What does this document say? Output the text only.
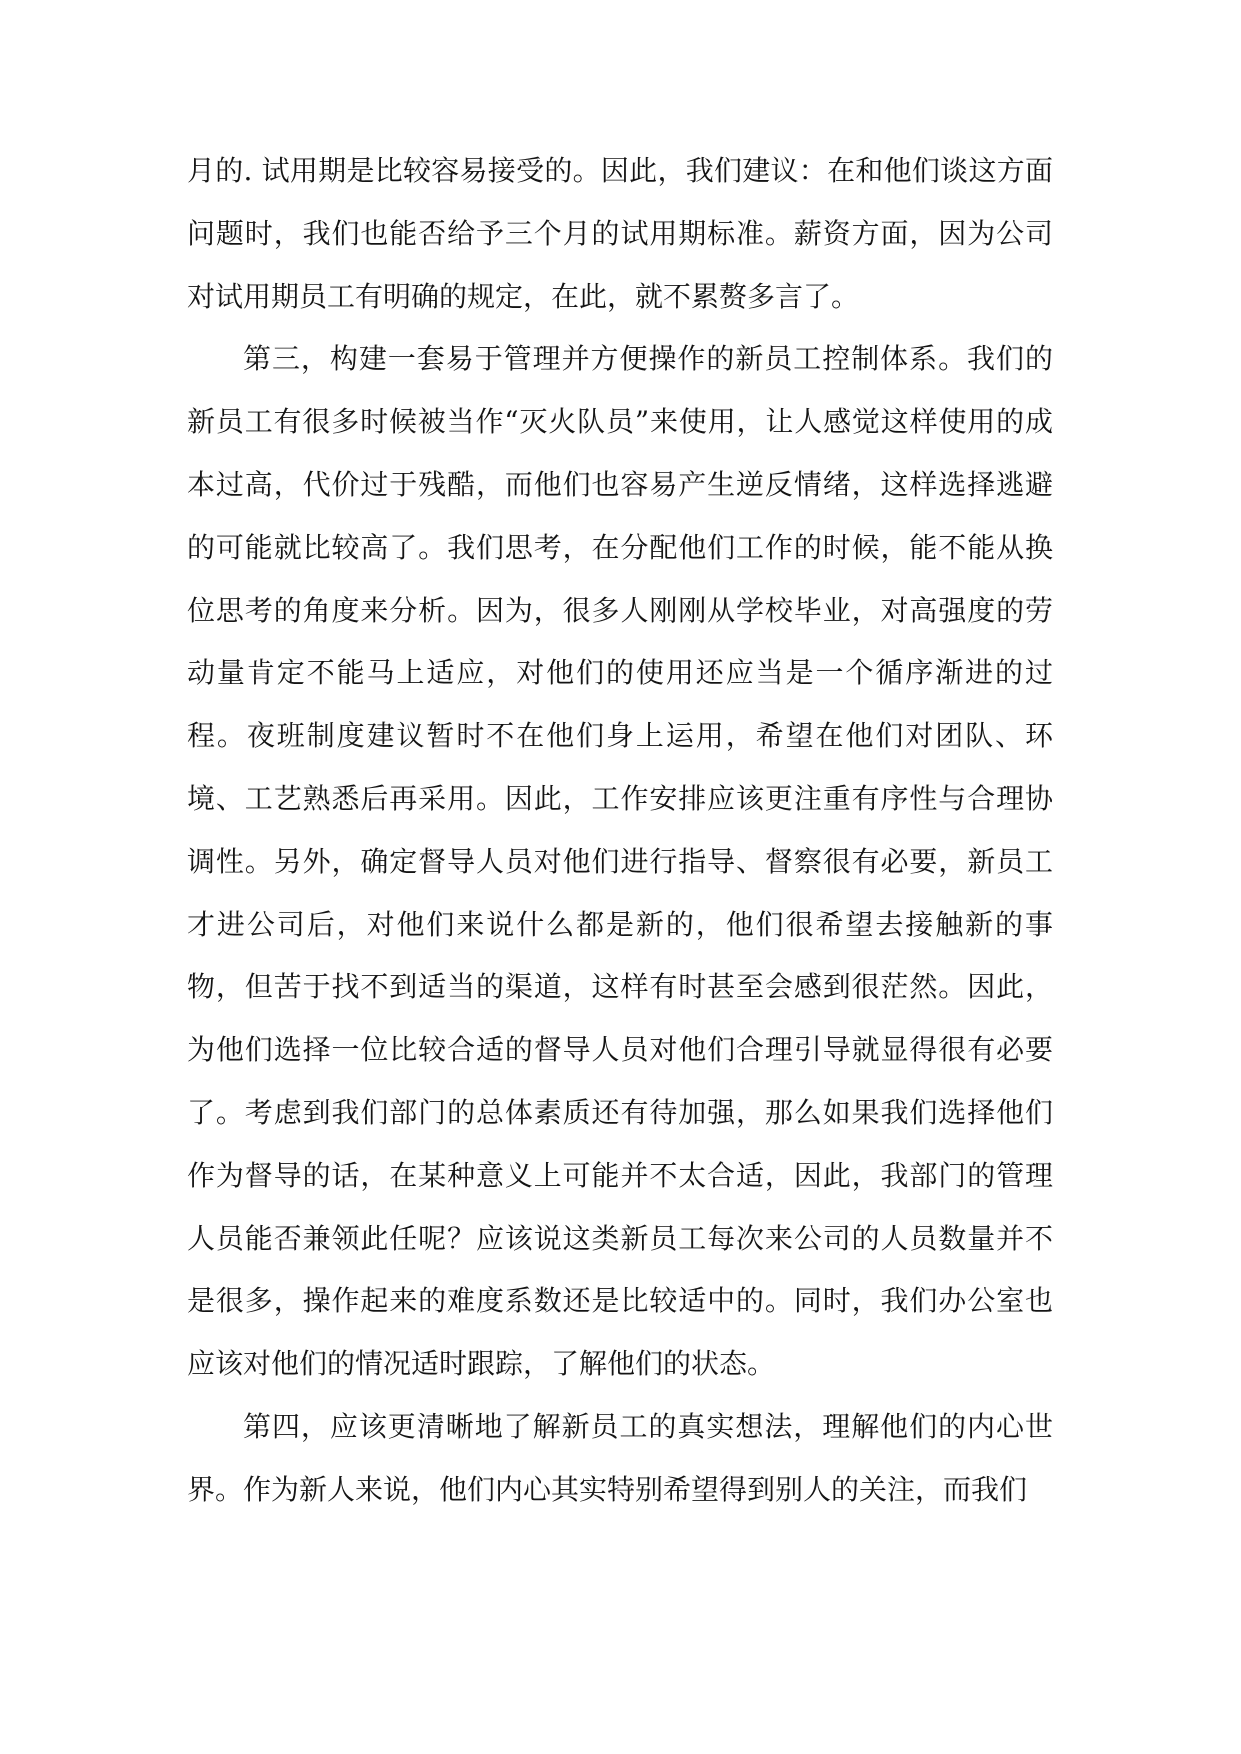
月的. 试用期是比较容易接受的。因此，我们建议：在和他们谈这方面问题时，我们也能否给予三个月的试用期标准。薪资方面，因为公司对试用期员工有明确的规定，在此，就不累赘多言了。

第三，构建一套易于管理并方便操作的新员工控制体系。我们的新员工有很多时候被当作“灭火队员”来使用，让人感觉这样使用的成本过高，代价过于残酷，而他们也容易产生逆反情绪，这样选择逃避的可能就比较高了。我们思考，在分配他们工作的时候，能不能从换位思考的角度来分析。因为，很多人刚刚从学校毕业，对高强度的劳动量肯定不能马上适应，对他们的使用还应当是一个循序渐进的过程。夜班制度建议暂时不在他们身上运用，希望在他们对团队、环境、工艺熟悉后再采用。因此，工作安排应该更注重有序性与合理协调性。另外，确定督导人员对他们进行指导、督察很有必要，新员工才进公司后，对他们来说什么都是新的，他们很希望去接触新的事物，但苦于找不到适当的渠道，这样有时甚至会感到很茫然。因此，为他们选择一位比较合适的督导人员对他们合理引导就显得很有必要了。考虑到我们部门的总体素质还有待加强，那么如果我们选择他们作为督导的话，在某种意义上可能并不太合适，因此，我部门的管理人员能否兼领此任呢？应该说这类新员工每次来公司的人员数量并不是很多，操作起来的难度系数还是比较适中的。同时，我们办公室也应该对他们的情况适时跟踪，了解他们的状态。

第四，应该更清晰地了解新员工的真实想法，理解他们的内心世界。作为新人来说，他们内心其实特别希望得到别人的关注，而我们
